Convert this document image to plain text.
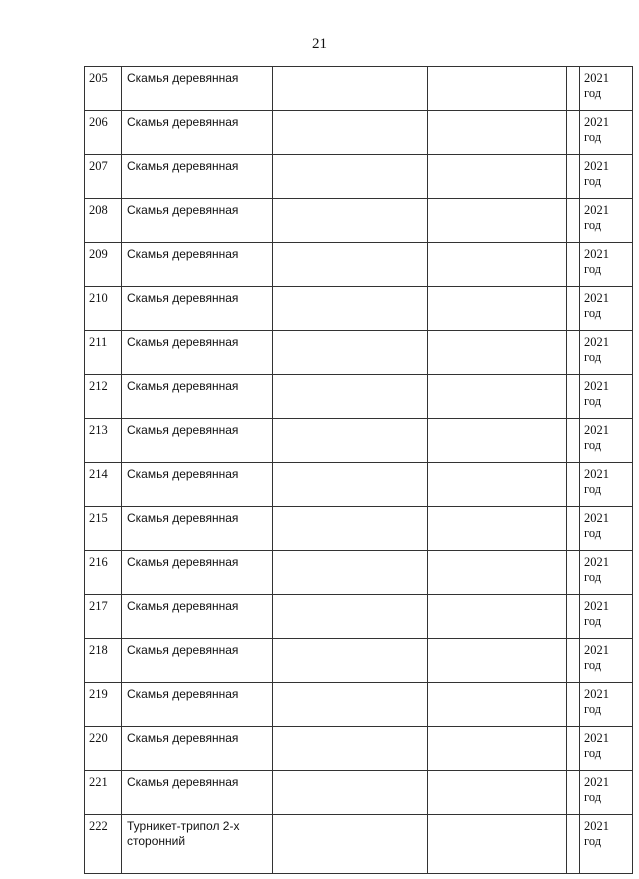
21
205	Скамья деревянная				2021
год

206	Скамья деревянная				2021
год

207	Скамья деревянная				2021
год

208	Скамья деревянная				2021
год

209	Скамья деревянная				2021
год

210	Скамья деревянная				2021
год

211	Скамья деревянная				2021
год

212	Скамья деревянная				2021
год

213	Скамья деревянная				2021
год

214	Скамья деревянная				2021
год

215	Скамья деревянная				2021
год

216	Скамья деревянная				2021
год

217	Скамья деревянная				2021
год

218	Скамья деревянная				2021
год

219	Скамья деревянная				2021
год

220	Скамья деревянная				2021
год

221	Скамья деревянная				2021
год

222	Турникет-трипол 2-х сторонний				2021
год
